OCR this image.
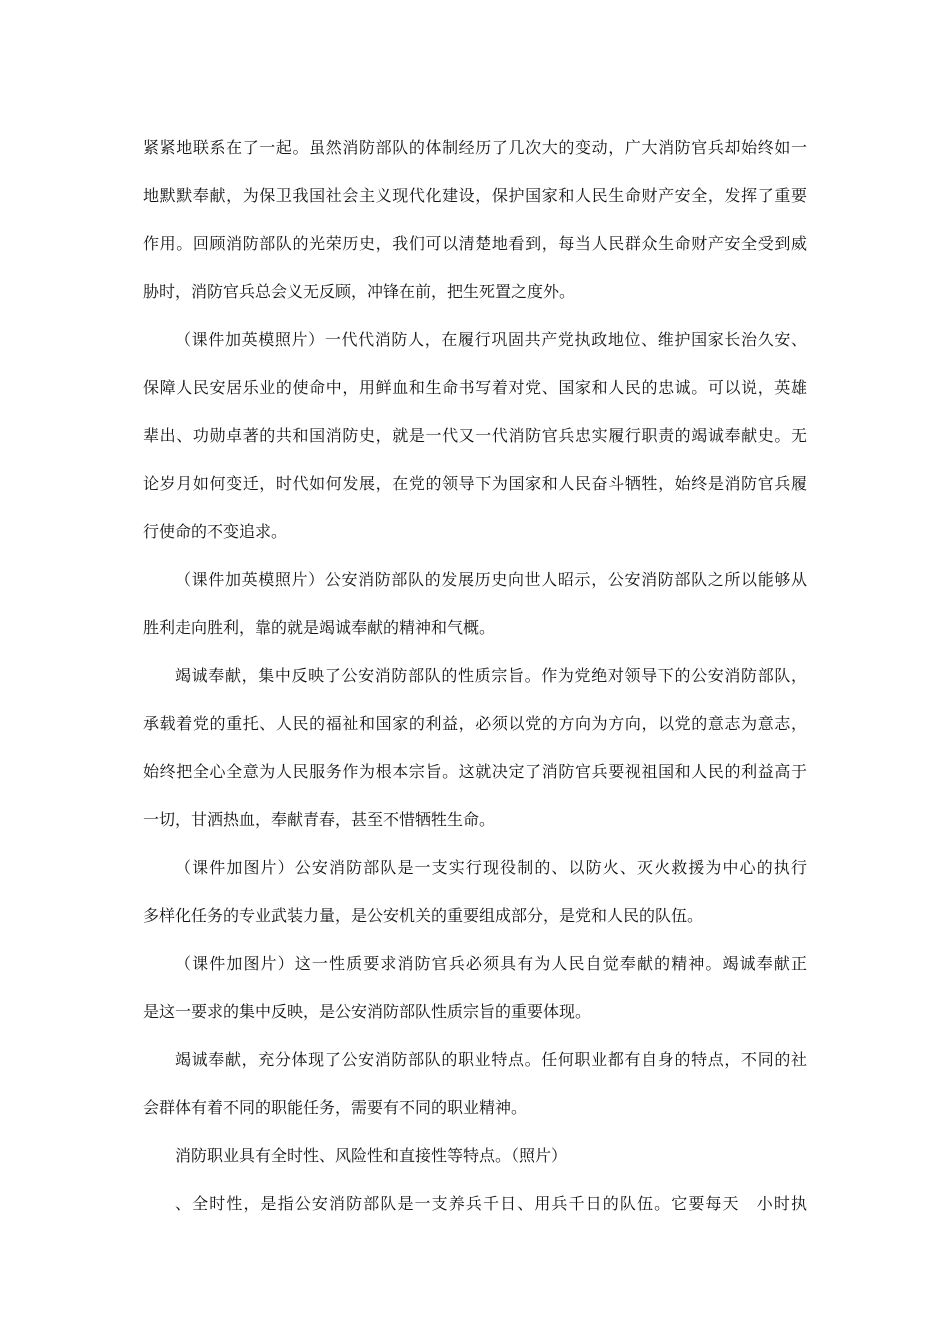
紧紧地联系在了一起。虽然消防部队的体制经历了几次大的变动，广大消防官兵却始终如一
地默默奉献，为保卫我国社会主义现代化建设，保护国家和人民生命财产安全，发挥了重要
作用。回顾消防部队的光荣历史，我们可以清楚地看到，每当人民群众生命财产安全受到威
胁时，消防官兵总会义无反顾，冲锋在前，把生死置之度外。
（课件加英模照片）一代代消防人，在履行巩固共产党执政地位、维护国家长治久安、
保障人民安居乐业的使命中，用鲜血和生命书写着对党、国家和人民的忠诚。可以说，英雄
辈出、功勋卓著的共和国消防史，就是一代又一代消防官兵忠实履行职责的竭诚奉献史。无
论岁月如何变迁，时代如何发展，在党的领导下为国家和人民奋斗牺牲，始终是消防官兵履
行使命的不变追求。
（课件加英模照片）公安消防部队的发展历史向世人昭示，公安消防部队之所以能够从
胜利走向胜利，靠的就是竭诚奉献的精神和气概。
竭诚奉献，集中反映了公安消防部队的性质宗旨。作为党绝对领导下的公安消防部队，
承载着党的重托、人民的福祉和国家的利益，必须以党的方向为方向，以党的意志为意志，
始终把全心全意为人民服务作为根本宗旨。这就决定了消防官兵要视祖国和人民的利益高于
一切，甘洒热血，奉献青春，甚至不惜牺牲生命。
（课件加图片）公安消防部队是一支实行现役制的、以防火、灭火救援为中心的执行
多样化任务的专业武装力量，是公安机关的重要组成部分，是党和人民的队伍。
（课件加图片）这一性质要求消防官兵必须具有为人民自觉奉献的精神。竭诚奉献正
是这一要求的集中反映，是公安消防部队性质宗旨的重要体现。
竭诚奉献，充分体现了公安消防部队的职业特点。任何职业都有自身的特点，不同的社
会群体有着不同的职能任务，需要有不同的职业精神。
消防职业具有全时性、风险性和直接性等特点。（照片）
、全时性，是指公安消防部队是一支养兵千日、用兵千日的队伍。它要每天　小时执
